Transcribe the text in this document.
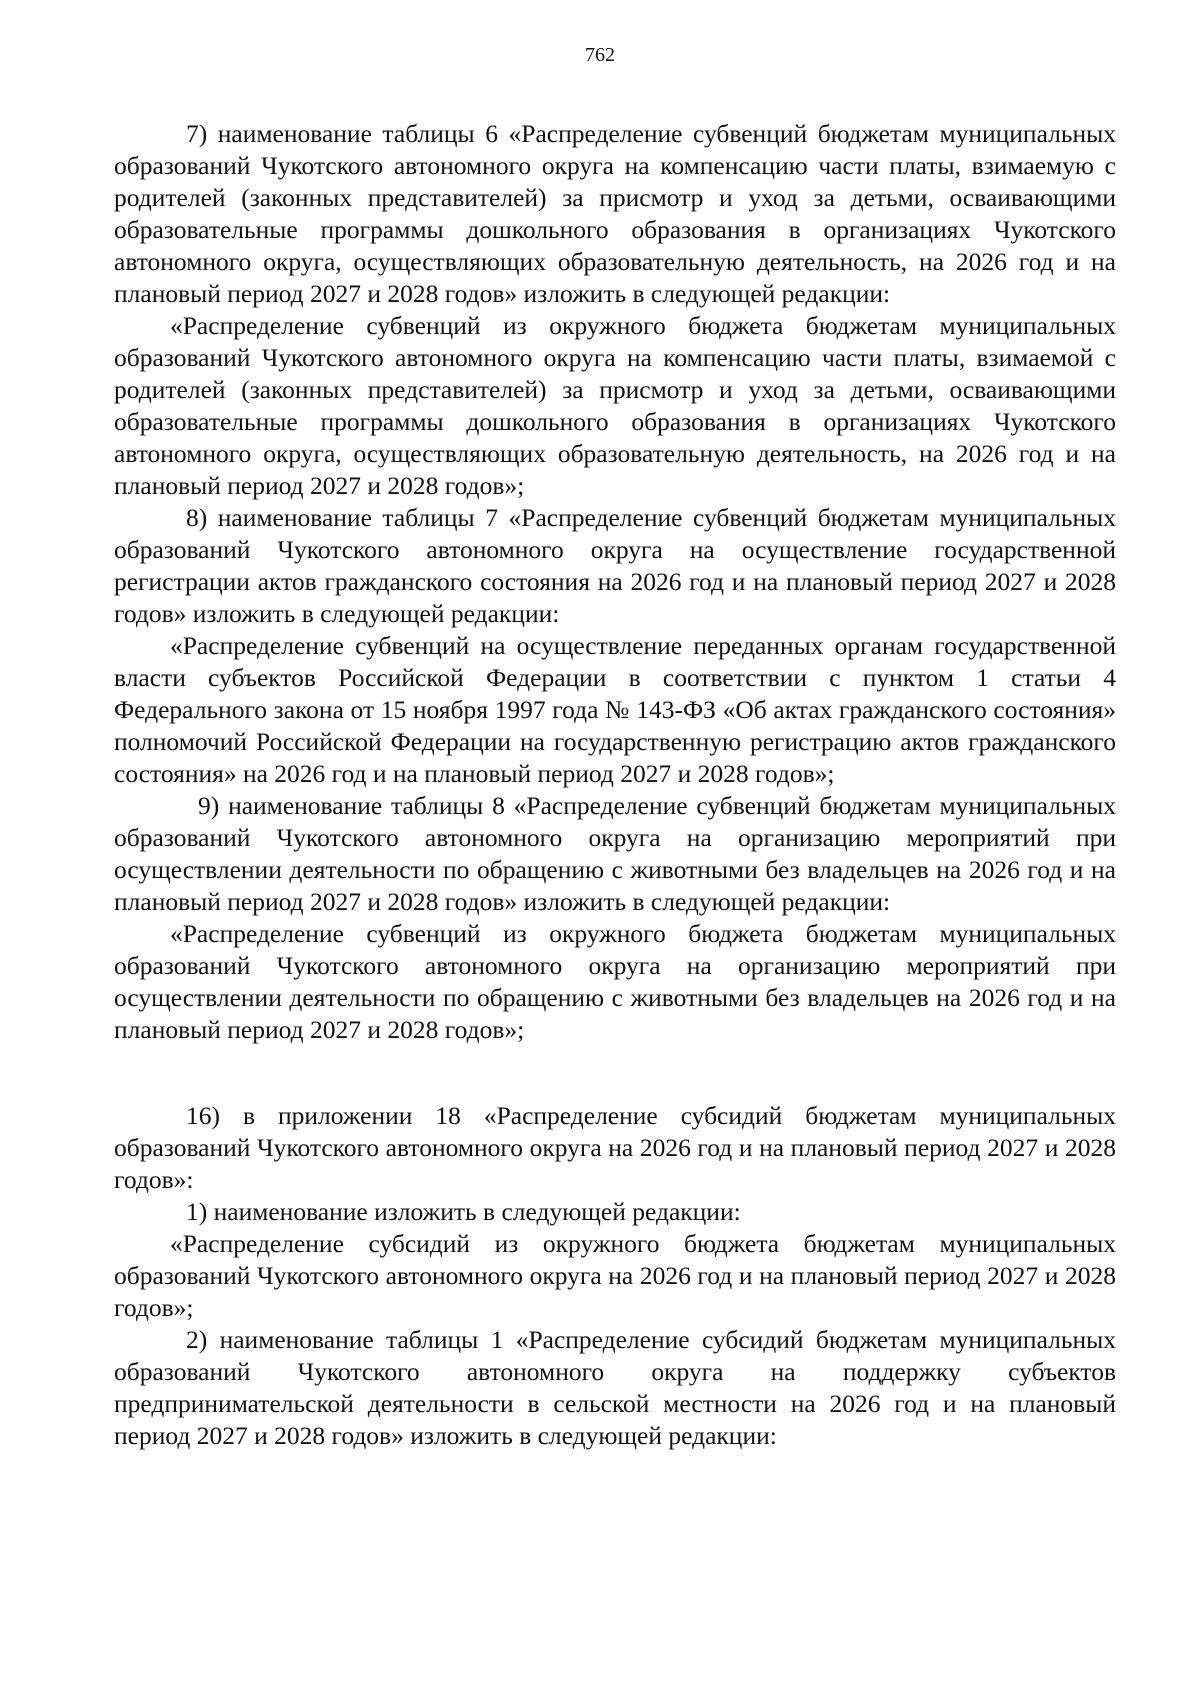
762

7) наименование таблицы 6 «Распределение субвенций бюджетам муниципальных образований Чукотского автономного округа на компенсацию части платы, взимаемую с родителей (законных представителей) за присмотр и уход за детьми, осваивающими образовательные программы дошкольного образования в организациях Чукотского автономного округа, осуществляющих образовательную деятельность, на 2026 год и на плановый период 2027 и 2028 годов» изложить в следующей редакции:

«Распределение субвенций из окружного бюджета бюджетам муниципальных образований Чукотского автономного округа на компенсацию части платы, взимаемой с родителей (законных представителей) за присмотр и уход за детьми, осваивающими образовательные программы дошкольного образования в организациях Чукотского автономного округа, осуществляющих образовательную деятельность, на 2026 год и на плановый период 2027 и 2028 годов»;

8) наименование таблицы 7 «Распределение субвенций бюджетам муниципальных образований Чукотского автономного округа на осуществление государственной регистрации актов гражданского состояния на 2026 год и на плановый период 2027 и 2028 годов» изложить в следующей редакции:

«Распределение субвенций на осуществление переданных органам государственной власти субъектов Российской Федерации в соответствии с пунктом 1 статьи 4 Федерального закона от 15 ноября 1997 года № 143-ФЗ «Об актах гражданского состояния» полномочий Российской Федерации на государственную регистрацию актов гражданского состояния» на 2026 год и на плановый период 2027 и 2028 годов»;

9) наименование таблицы 8 «Распределение субвенций бюджетам муниципальных образований Чукотского автономного округа на организацию мероприятий при осуществлении деятельности по обращению с животными без владельцев на 2026 год и на плановый период 2027 и 2028 годов» изложить в следующей редакции:

«Распределение субвенций из окружного бюджета бюджетам муниципальных образований Чукотского автономного округа на организацию мероприятий при осуществлении деятельности по обращению с животными без владельцев на 2026 год и на плановый период 2027 и 2028 годов»;

16) в приложении 18 «Распределение субсидий бюджетам муниципальных образований Чукотского автономного округа на 2026 год и на плановый период 2027 и 2028 годов»:

1) наименование изложить в следующей редакции:

«Распределение субсидий из окружного бюджета бюджетам муниципальных образований Чукотского автономного округа на 2026 год и на плановый период 2027 и 2028 годов»;

2) наименование таблицы 1 «Распределение субсидий бюджетам муниципальных образований Чукотского автономного округа на поддержку субъектов предпринимательской деятельности в сельской местности на 2026 год и на плановый период 2027 и 2028 годов» изложить в следующей редакции:
